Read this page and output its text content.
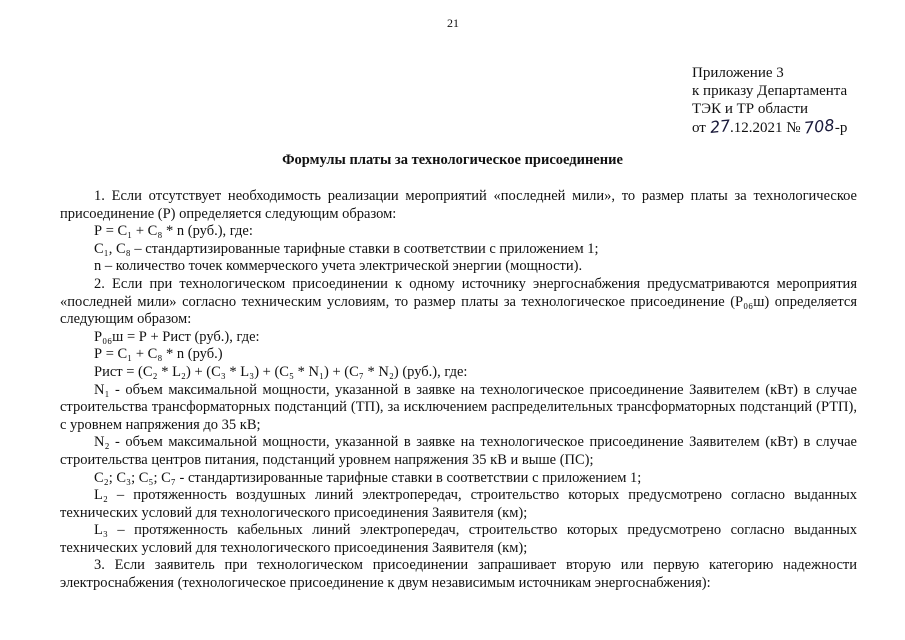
21
Приложение 3
к приказу Департамента
ТЭК и ТР области
от 27.12.2021 № 708-р
Формулы платы за технологическое присоединение

1. Если отсутствует необходимость реализации мероприятий «последней мили», то размер платы за технологическое присоединение (Р) определяется следующим образом:

Р = С₁ + С₈ * n (руб.), где:

С₁, С₈ – стандартизированные тарифные ставки в соответствии с приложением 1;

n – количество точек коммерческого учета электрической энергии (мощности).

2. Если при технологическом присоединении к одному источнику энергоснабжения предусматриваются мероприятия «последней мили» согласно техническим условиям, то размер платы за технологическое присоединение (Р₀₆ш) определяется следующим образом:

Р₀₆ш = Р + Рист (руб.), где:

Р = С₁ + С₈ * n (руб.)

Рист = (С₂ * L₂) + (С₃ * L₃) + (С₅ * N₁) + (С₇ * N₂) (руб.), где:

N₁ - объем максимальной мощности, указанной в заявке на технологическое присоединение Заявителем (кВт) в случае строительства трансформаторных подстанций (ТП), за исключением распределительных трансформаторных подстанций (РТП), с уровнем напряжения до 35 кВ;

N₂ - объем максимальной мощности, указанной в заявке на технологическое присоединение Заявителем (кВт) в случае строительства центров питания, подстанций уровнем напряжения 35 кВ и выше (ПС);

С₂; С₃; С₅; С₇ - стандартизированные тарифные ставки в соответствии с приложением 1;

L₂ – протяженность воздушных линий электропередач, строительство которых предусмотрено согласно выданных технических условий для технологического присоединения Заявителя (км);

L₃ – протяженность кабельных линий электропередач, строительство которых предусмотрено согласно выданных технических условий для технологического присоединения Заявителя (км);

3. Если заявитель при технологическом присоединении запрашивает вторую или первую категорию надежности электроснабжения (технологическое присоединение к двум независимым источникам энергоснабжения):
